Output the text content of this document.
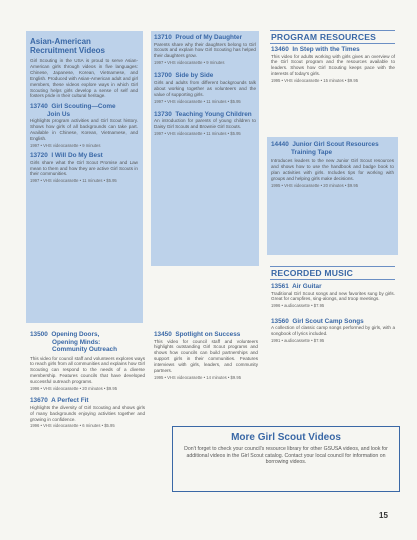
Asian-American
Recruitment Videos
Girl Scouting in the USA is proud to serve Asian-American girls through videos in five languages: Chinese, Japanese, Korean, Vietnamese, and English. Produced with Asian-American adult and girl members, these videos explore ways in which Girl Scouting helps girls develop a sense of self and fosters pride in their cultural heritage.
13740 Girl Scouting—Come
Join Us
Highlights program activities and Girl Scout history. Shows how girls of all backgrounds can take part. Available in Chinese, Korean, Vietnamese, and English.
1997 • VHS videocassette • 9 minutes
13720 I Will Do My Best
Girls share what the Girl Scout Promise and Law mean to them and how they are active Girl Scouts in their communities.
1997 • VHS videocassette • 11 minutes • $5.95
13710 Proud of My Daughter
Parents share why their daughters belong to Girl Scouts and explain how Girl Scouting has helped their daughters grow.
1997 • VHS videocassette • 9 minutes
13700 Side by Side
Girls and adults from different backgrounds talk about working together as volunteers and the value of supporting girls.
1997 • VHS videocassette • 11 minutes • $5.95
13730 Teaching Young Children
An introduction for parents of young children to Daisy Girl Scouts and Brownie Girl Scouts.
1997 • VHS videocassette • 11 minutes • $5.95
13500 Opening Doors,
Opening Minds:
Community Outreach
This video for council staff and volunteers explores ways to reach girls from all communities and explains how Girl Scouting can respond to the needs of a diverse membership. Features councils that have developed successful outreach programs.
1996 • VHS videocassette • 20 minutes • $9.95
13670 A Perfect Fit
Highlights the diversity of Girl Scouting and shows girls of many backgrounds enjoying activities together and growing in confidence.
1996 • VHS videocassette • 6 minutes • $5.95
13450 Spotlight on Success
This video for council staff and volunteers highlights outstanding Girl Scout programs and shows how councils can build partnerships and support girls in their communities. Features interviews with girls, leaders, and community partners.
1995 • VHS videocassette • 14 minutes • $9.95
PROGRAM RESOURCES
13460 In Step with the Times
This video for adults working with girls gives an overview of the Girl Scout program and the resources available to leaders. Shows how Girl Scouting keeps pace with the interests of today's girls.
1995 • VHS videocassette • 15 minutes • $9.95
14440 Junior Girl Scout Resources
Training Tape
Introduces leaders to the new Junior Girl Scout resources and shows how to use the handbook and badge book to plan activities with girls. Includes tips for working with groups and helping girls make decisions.
1995 • VHS videocassette • 20 minutes • $9.95
RECORDED MUSIC
13561 Air Guitar
Traditional Girl Scout songs and new favorites sung by girls. Great for campfires, sing-alongs, and troop meetings.
1996 • audiocassette • $7.95
13560 Girl Scout Camp Songs
A collection of classic camp songs performed by girls, with a songbook of lyrics included.
1991 • audiocassette • $7.95
More Girl Scout Videos
Don't forget to check your council's resource library for other GSUSA videos, and look for additional videos in the Girl Scout catalog. Contact your local council for information on borrowing videos.
15
